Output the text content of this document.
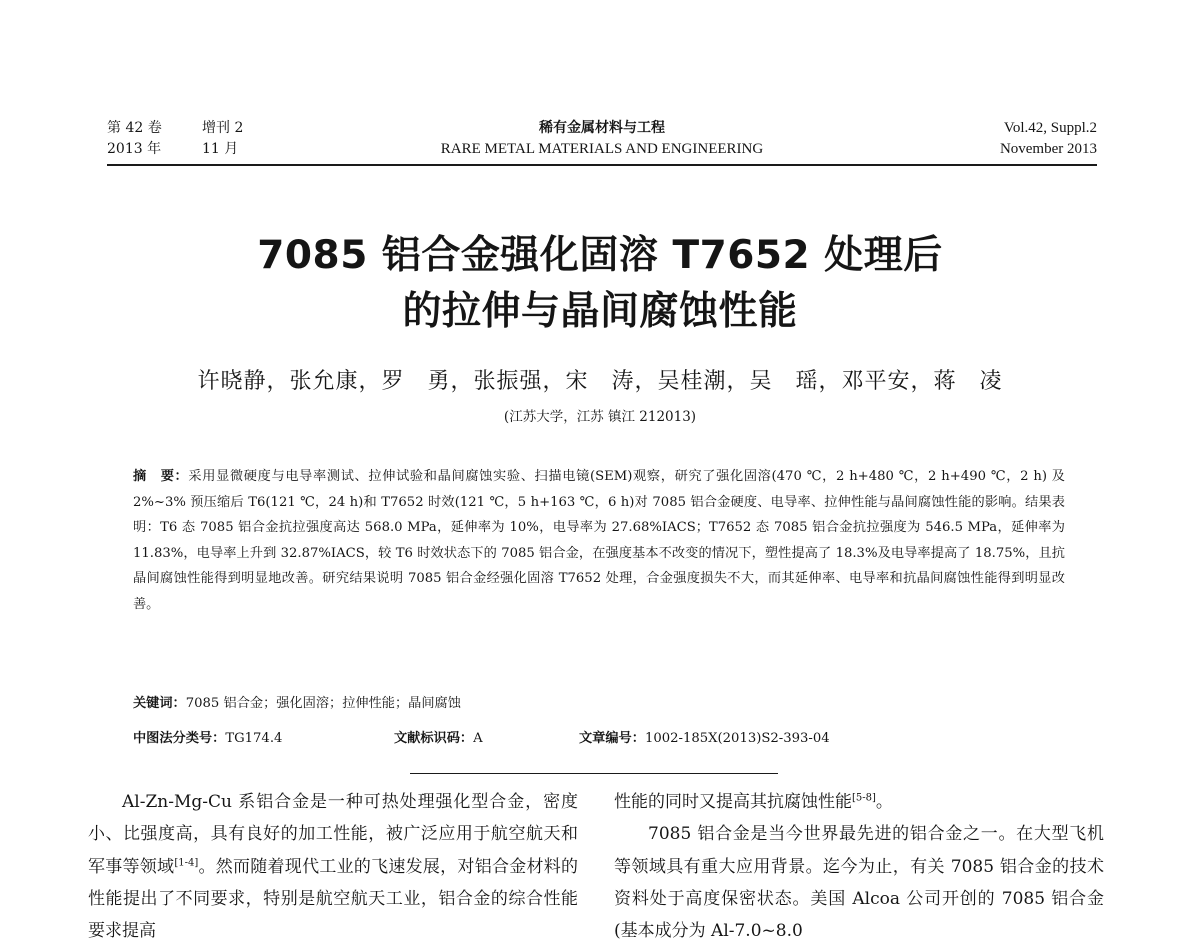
第 42 卷	增刊 2
2013 年	11 月
稀有金属材料与工程
RARE METAL MATERIALS AND ENGINEERING
Vol.42, Suppl.2
November 2013
7085 铝合金强化固溶 T7652 处理后
的拉伸与晶间腐蚀性能
许晓静，张允康，罗　勇，张振强，宋　涛，吴桂潮，吴　瑶，邓平安，蒋　凌
(江苏大学，江苏 镇江 212013)
摘　要：采用显微硬度与电导率测试、拉伸试验和晶间腐蚀实验、扫描电镜(SEM)观察，研究了强化固溶(470 ℃，2 h+480 ℃，2 h+490 ℃，2 h) 及 2%~3% 预压缩后 T6(121 ℃，24 h)和 T7652 时效(121 ℃，5 h+163 ℃，6 h)对 7085 铝合金硬度、电导率、拉伸性能与晶间腐蚀性能的影响。结果表明：T6 态 7085 铝合金抗拉强度高达 568.0 MPa，延伸率为 10%，电导率为 27.68%IACS；T7652 态 7085 铝合金抗拉强度为 546.5 MPa，延伸率为 11.83%，电导率上升到 32.87%IACS，较 T6 时效状态下的 7085 铝合金，在强度基本不改变的情况下，塑性提高了 18.3%及电导率提高了 18.75%，且抗晶间腐蚀性能得到明显地改善。研究结果说明 7085 铝合金经强化固溶 T7652 处理，合金强度损失不大，而其延伸率、电导率和抗晶间腐蚀性能得到明显改善。
关键词：7085 铝合金；强化固溶；拉伸性能；晶间腐蚀
中图法分类号：TG174.4	文献标识码：A	文章编号：1002-185X(2013)S2-393-04

Al-Zn-Mg-Cu 系铝合金是一种可热处理强化型合金，密度小、比强度高，具有良好的加工性能，被广泛应用于航空航天和军事等领域[1-4]。然而随着现代工业的飞速发展，对铝合金材料的性能提出了不同要求，特别是航空航天工业，铝合金的综合性能要求提高

性能的同时又提高其抗腐蚀性能[5-8]。

7085 铝合金是当今世界最先进的铝合金之一。在大型飞机等领域具有重大应用背景。迄今为止，有关 7085 铝合金的技术资料处于高度保密状态。美国 Alcoa 公司开创的 7085 铝合金(基本成分为 Al-7.0~8.0
